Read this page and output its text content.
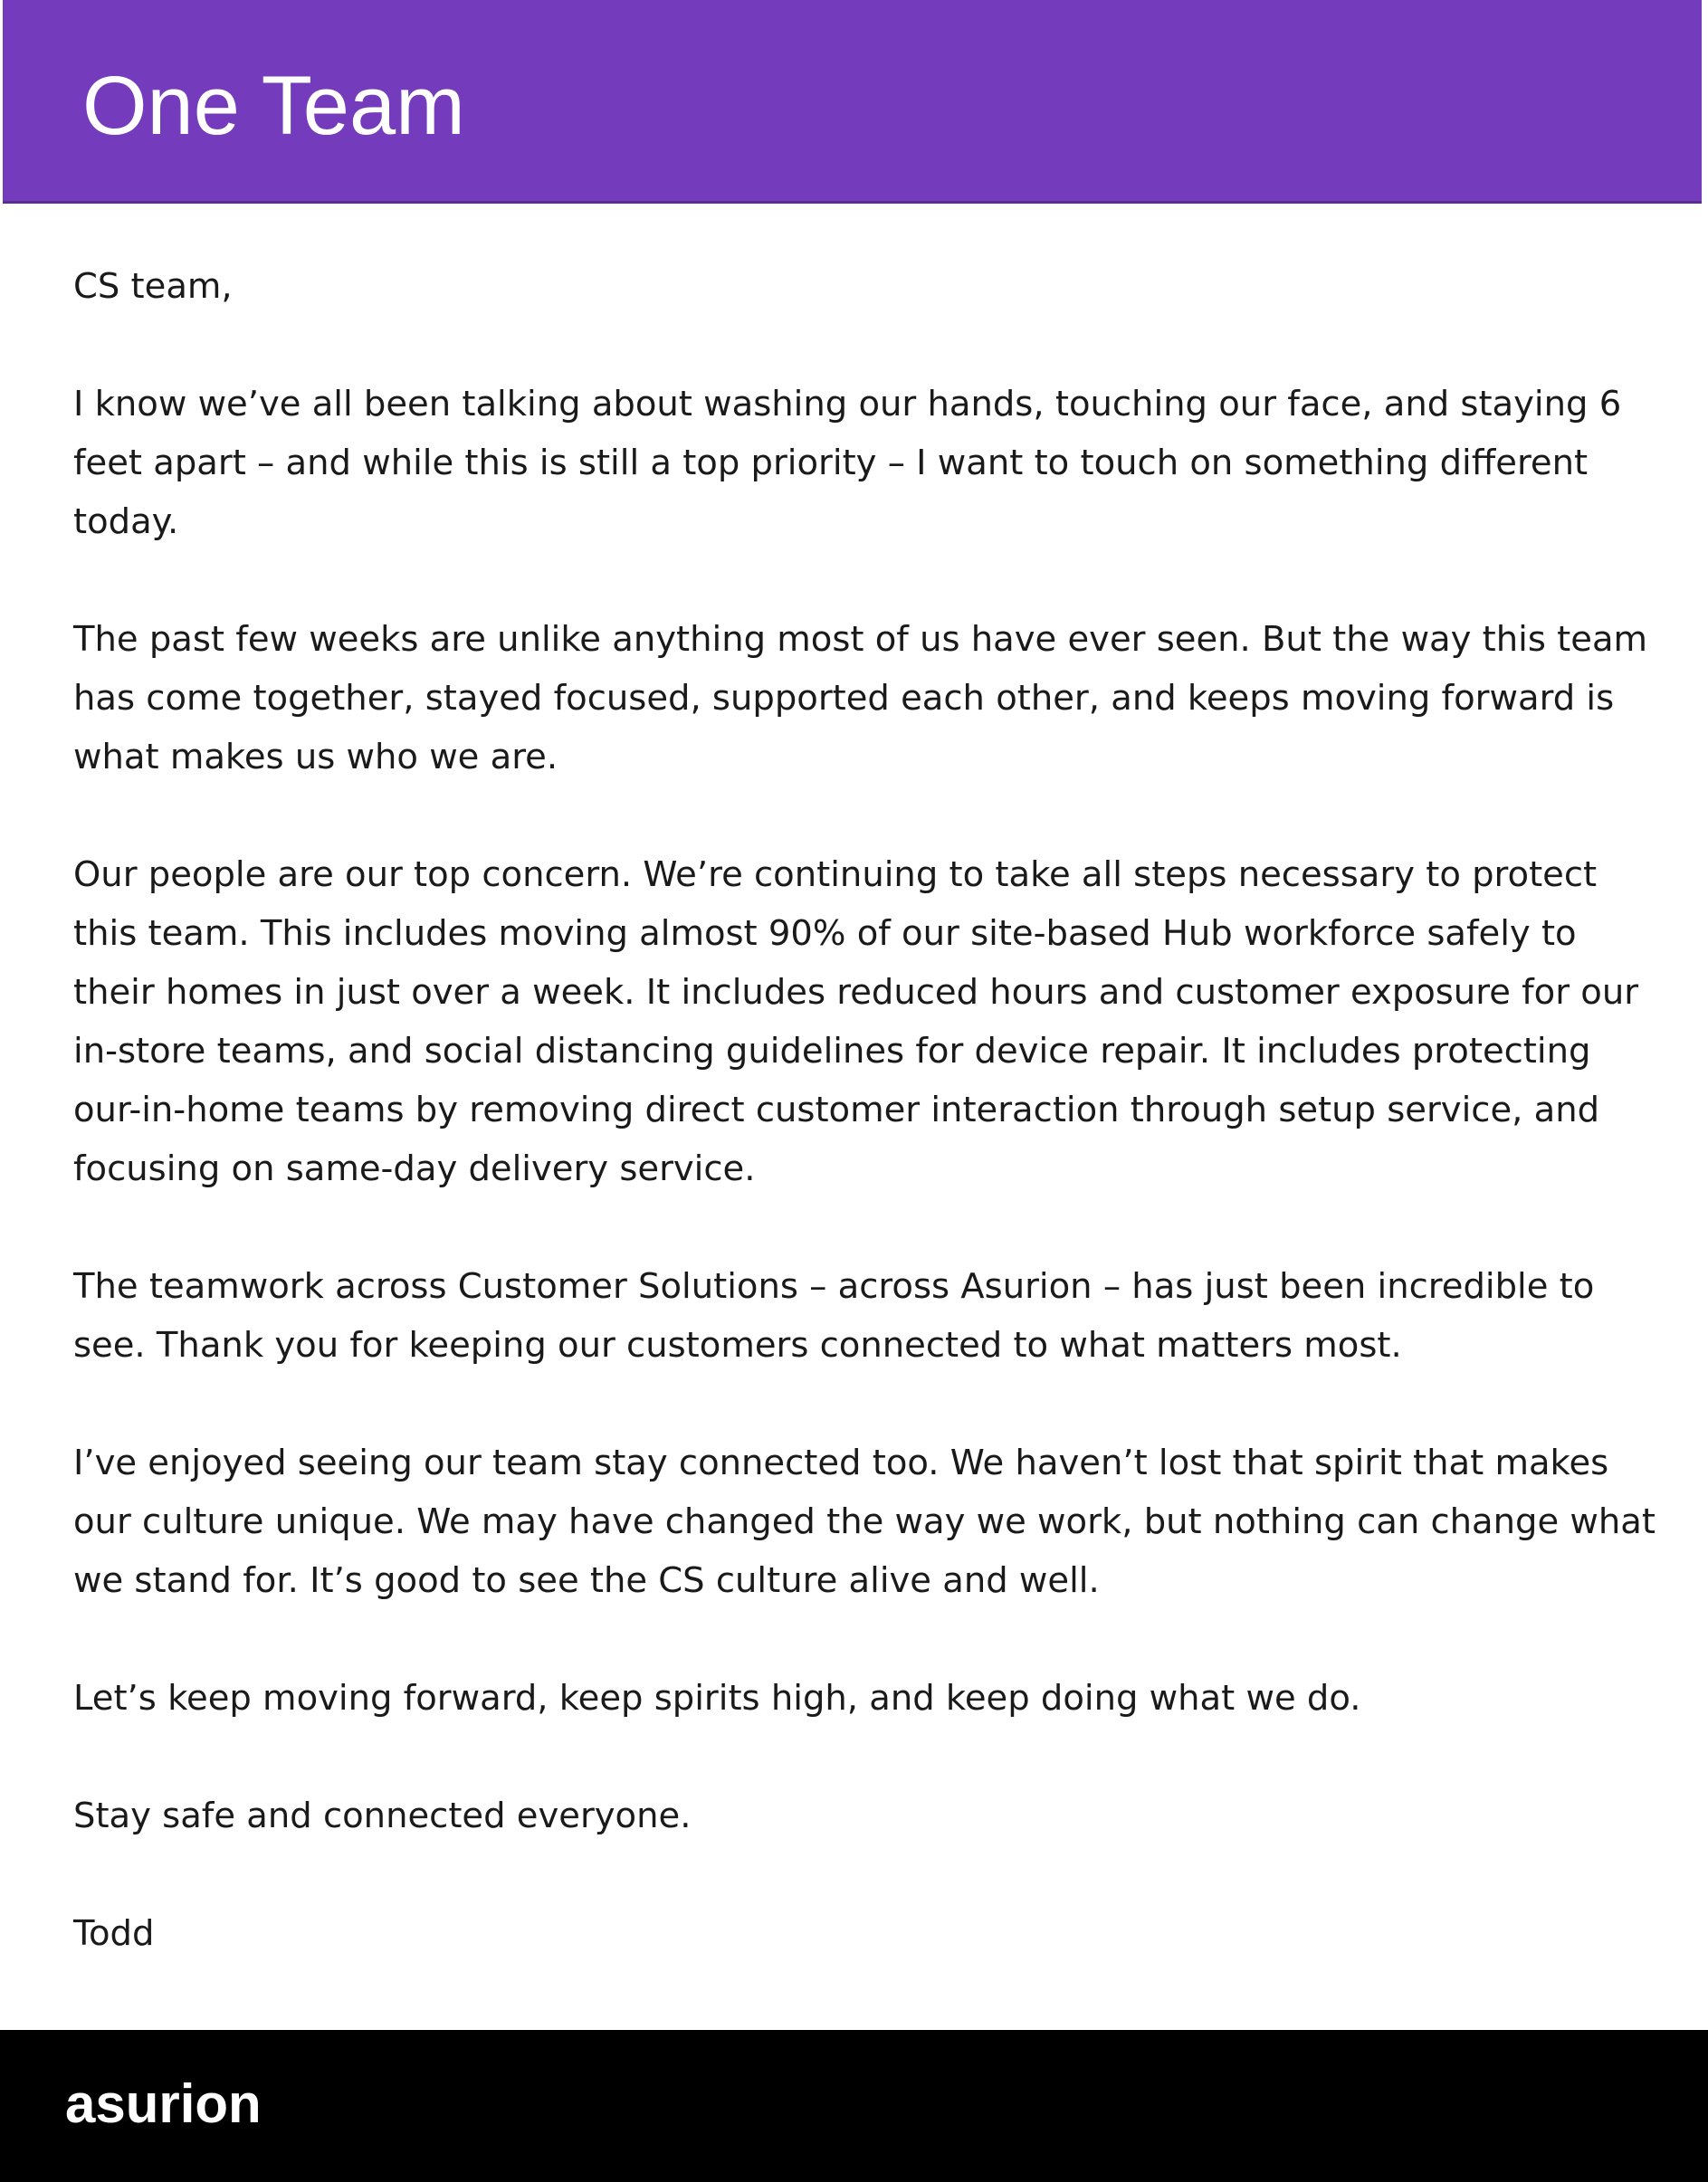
One Team

CS team,

I know we’ve all been talking about washing our hands, touching our face, and staying 6 feet apart – and while this is still a top priority – I want to touch on something different today.

The past few weeks are unlike anything most of us have ever seen. But the way this team has come together, stayed focused, supported each other, and keeps moving forward is what makes us who we are.

Our people are our top concern. We’re continuing to take all steps necessary to protect this team. This includes moving almost 90% of our site-based Hub workforce safely to their homes in just over a week. It includes reduced hours and customer exposure for our in-store teams, and social distancing guidelines for device repair. It includes protecting our-in-home teams by removing direct customer interaction through setup service, and focusing on same-day delivery service.

The teamwork across Customer Solutions – across Asurion – has just been incredible to see. Thank you for keeping our customers connected to what matters most.

I’ve enjoyed seeing our team stay connected too. We haven’t lost that spirit that makes our culture unique. We may have changed the way we work, but nothing can change what we stand for. It’s good to see the CS culture alive and well.

Let’s keep moving forward, keep spirits high, and keep doing what we do.

Stay safe and connected everyone.

Todd

asurion
